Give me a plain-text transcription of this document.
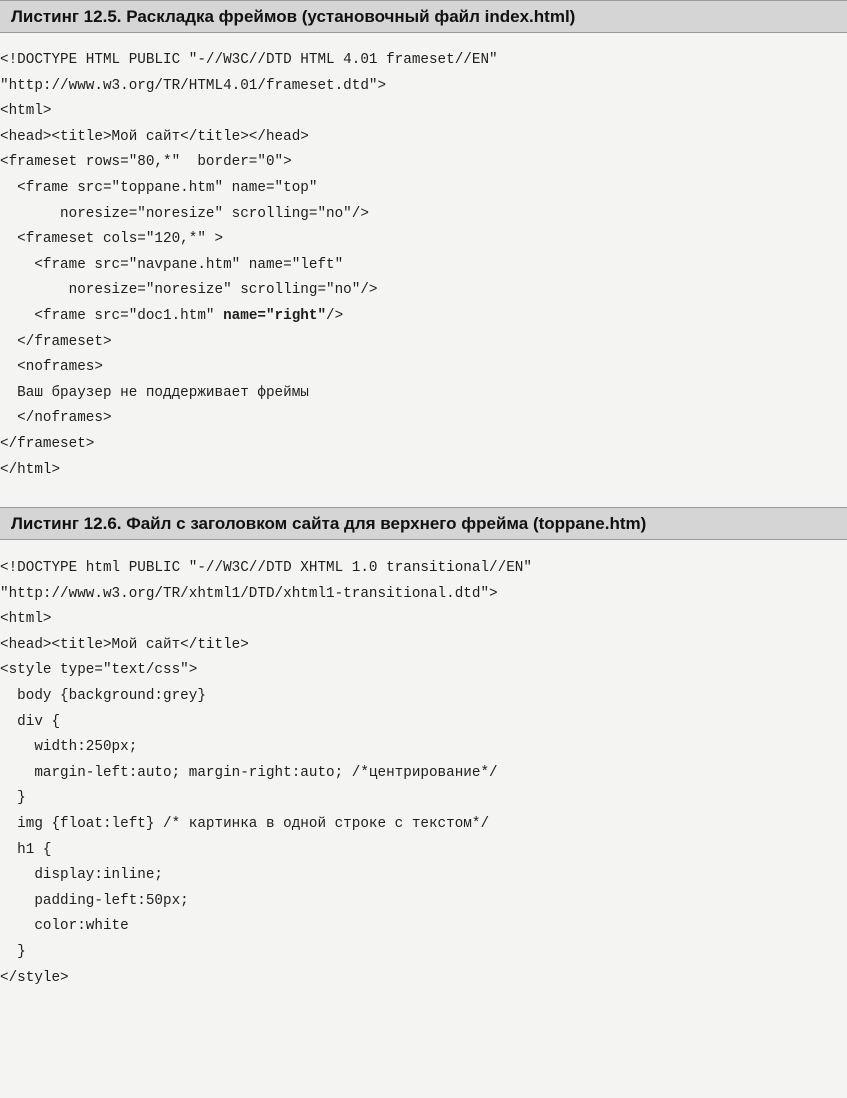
Листинг 12.5. Раскладка фреймов (установочный файл index.html)
<!DOCTYPE HTML PUBLIC "-//W3C//DTD HTML 4.01 frameset//EN"
"http://www.w3.org/TR/HTML4.01/frameset.dtd">
<html>
<head><title>Мой сайт</title></head>
<frameset rows="80,*"  border="0">
<frame src="toppane.htm" name="top"
noresize="noresize" scrolling="no"/>
<frameset cols="120,*" >
<frame src="navpane.htm" name="left"
noresize="noresize" scrolling="no"/>
<frame src="doc1.htm" name="right"/>
</frameset>
<noframes>
Ваш браузер не поддерживает фреймы
</noframes>
</frameset>
</html>
Листинг 12.6. Файл с заголовком сайта для верхнего фрейма (toppane.htm)
<!DOCTYPE html PUBLIC "-//W3C//DTD XHTML 1.0 transitional//EN"
"http://www.w3.org/TR/xhtml1/DTD/xhtml1-transitional.dtd">
<html>
<head><title>Мой сайт</title>
<style type="text/css">
body {background:grey}
div {
width:250px;
margin-left:auto; margin-right:auto; /*центрирование*/
}
img {float:left} /* картинка в одной строке с текстом*/
h1 {
display:inline;
padding-left:50px;
color:white
}
</style>
